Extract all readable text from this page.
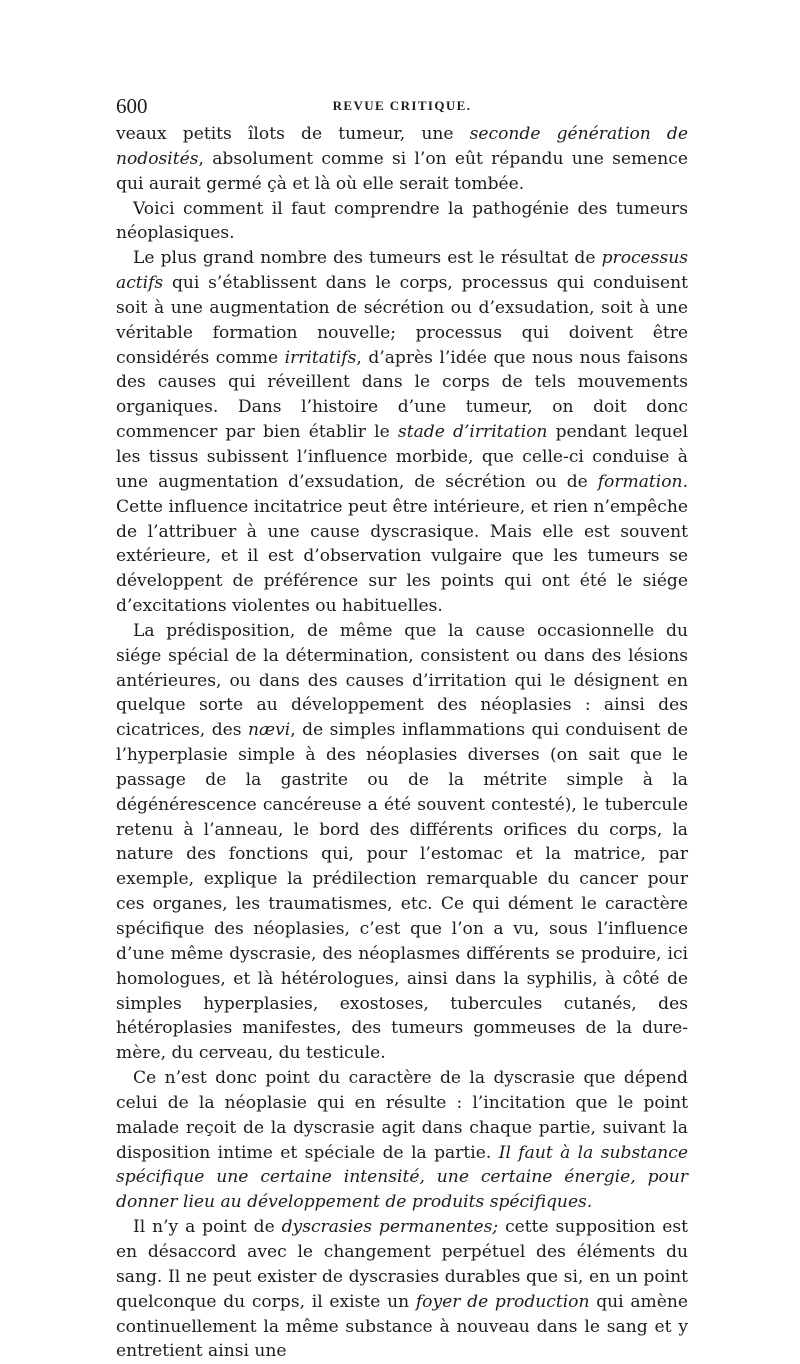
600	REVUE CRITIQUE.

veaux petits îlots de tumeur, une seconde génération de nodosités, absolument comme si l’on eût répandu une semence qui aurait germé çà et là où elle serait tombée.

Voici comment il faut comprendre la pathogénie des tumeurs néoplasiques.

Le plus grand nombre des tumeurs est le résultat de processus actifs qui s’établissent dans le corps, processus qui conduisent soit à une augmentation de sécrétion ou d’exsudation, soit à une véritable formation nouvelle; processus qui doivent être considérés comme irritatifs, d’après l’idée que nous nous faisons des causes qui réveillent dans le corps de tels mouvements organiques. Dans l’histoire d’une tumeur, on doit donc commencer par bien établir le stade d’irritation pendant lequel les tissus subissent l’influence morbide, que celle-ci conduise à une augmentation d’exsudation, de sécrétion ou de formation. Cette influence incitatrice peut être intérieure, et rien n’empêche de l’attribuer à une cause dyscrasique. Mais elle est souvent extérieure, et il est d’observation vulgaire que les tumeurs se développent de préférence sur les points qui ont été le siége d’excitations violentes ou habituelles.

La prédisposition, de même que la cause occasionnelle du siége spécial de la détermination, consistent ou dans des lésions antérieures, ou dans des causes d’irritation qui le désignent en quelque sorte au développement des néoplasies : ainsi des cicatrices, des nævi, de simples inflammations qui conduisent de l’hyperplasie simple à des néoplasies diverses (on sait que le passage de la gastrite ou de la métrite simple à la dégénérescence cancéreuse a été souvent contesté), le tubercule retenu à l’anneau, le bord des différents orifices du corps, la nature des fonctions qui, pour l’estomac et la matrice, par exemple, explique la prédilection remarquable du cancer pour ces organes, les traumatismes, etc. Ce qui dément le caractère spécifique des néoplasies, c’est que l’on a vu, sous l’influence d’une même dyscrasie, des néoplasmes différents se produire, ici homologues, et là hétérologues, ainsi dans la syphilis, à côté de simples hyperplasies, exostoses, tubercules cutanés, des hétéroplasies manifestes, des tumeurs gommeuses de la dure-mère, du cerveau, du testicule.

Ce n’est donc point du caractère de la dyscrasie que dépend celui de la néoplasie qui en résulte : l’incitation que le point malade reçoit de la dyscrasie agit dans chaque partie, suivant la disposition intime et spéciale de la partie. Il faut à la substance spécifique une certaine intensité, une certaine énergie, pour donner lieu au développement de produits spécifiques.

Il n’y a point de dyscrasies permanentes; cette supposition est en désaccord avec le changement perpétuel des éléments du sang. Il ne peut exister de dyscrasies durables que si, en un point quelconque du corps, il existe un foyer de production qui amène continuellement la même substance à nouveau dans le sang et y entretient ainsi une
